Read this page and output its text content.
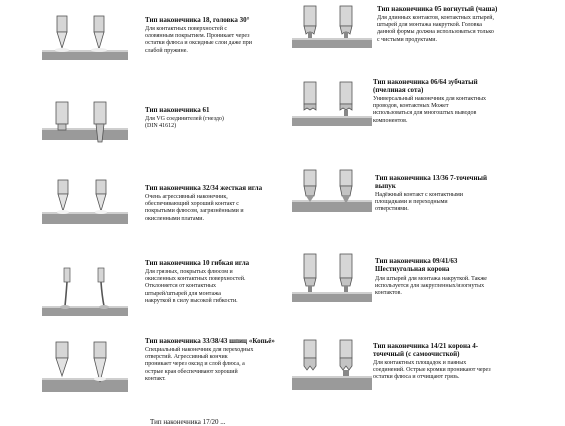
Тип наконечника 18, головка 30°
Для контактных поверхностей с
оловянным покрытием. Проникает через
остатки флюса и оксидные слои даже при
слабой пружине.
Тип наконечника 61
Для VG соединителей (гнездо)
(DIN 41612)
Тип наконечника 32/34 жесткая игла
Очень агрессивный наконечник,
обеспечивающий хороший контакт с
покрытыми флюсом, загрязнёнными и
окисленными платами.
Тип наконечника 10 гибкая игла
Для грязных, покрытых флюсом и
окисленных контактных поверхностей.
Отклоняется от контактных
штырей/штырей для монтажа
накруткой в силу высокой гибкости.
Тип наконечника 33/38/43 шпиц «Копьё»
Специальный наконечник для переходных
отверстий. Агрессивный кончик
проникает через оксид и слой флюса, а
острые края обеспечивают хороший
контакт.
Тип наконечника 17/20 ...
Тип наконечника 05 вогнутый (чаша)
Для длинных контактов, контактных штырей,
штырей для монтажа накруткой. Головка
данной формы должна использоваться только
с чистыми продуктами.
Тип наконечника 06/64 зубчатый
(пчелиная сота)
Универсальный наконечник для контактных
проводов, контактных Может
использоваться для многоштых выводов
компонентов.
Тип наконечника 13/36 7-точечный
выпук
Надёжный контакт с контактными
площадками и переходными
отверстиями.
Тип наконечника 09/41/63
Шестиугольная корона
Для штырей для монтажа накруткой. Также
используется для закругленных/изогнутых
контактов.
Тип наконечника 14/21 корона 4-
точечный (с самоочисткой)
Для контактных площадок и паяных
соединений. Острые кромки проникают через
остатки флюса и отчищают грязь.
